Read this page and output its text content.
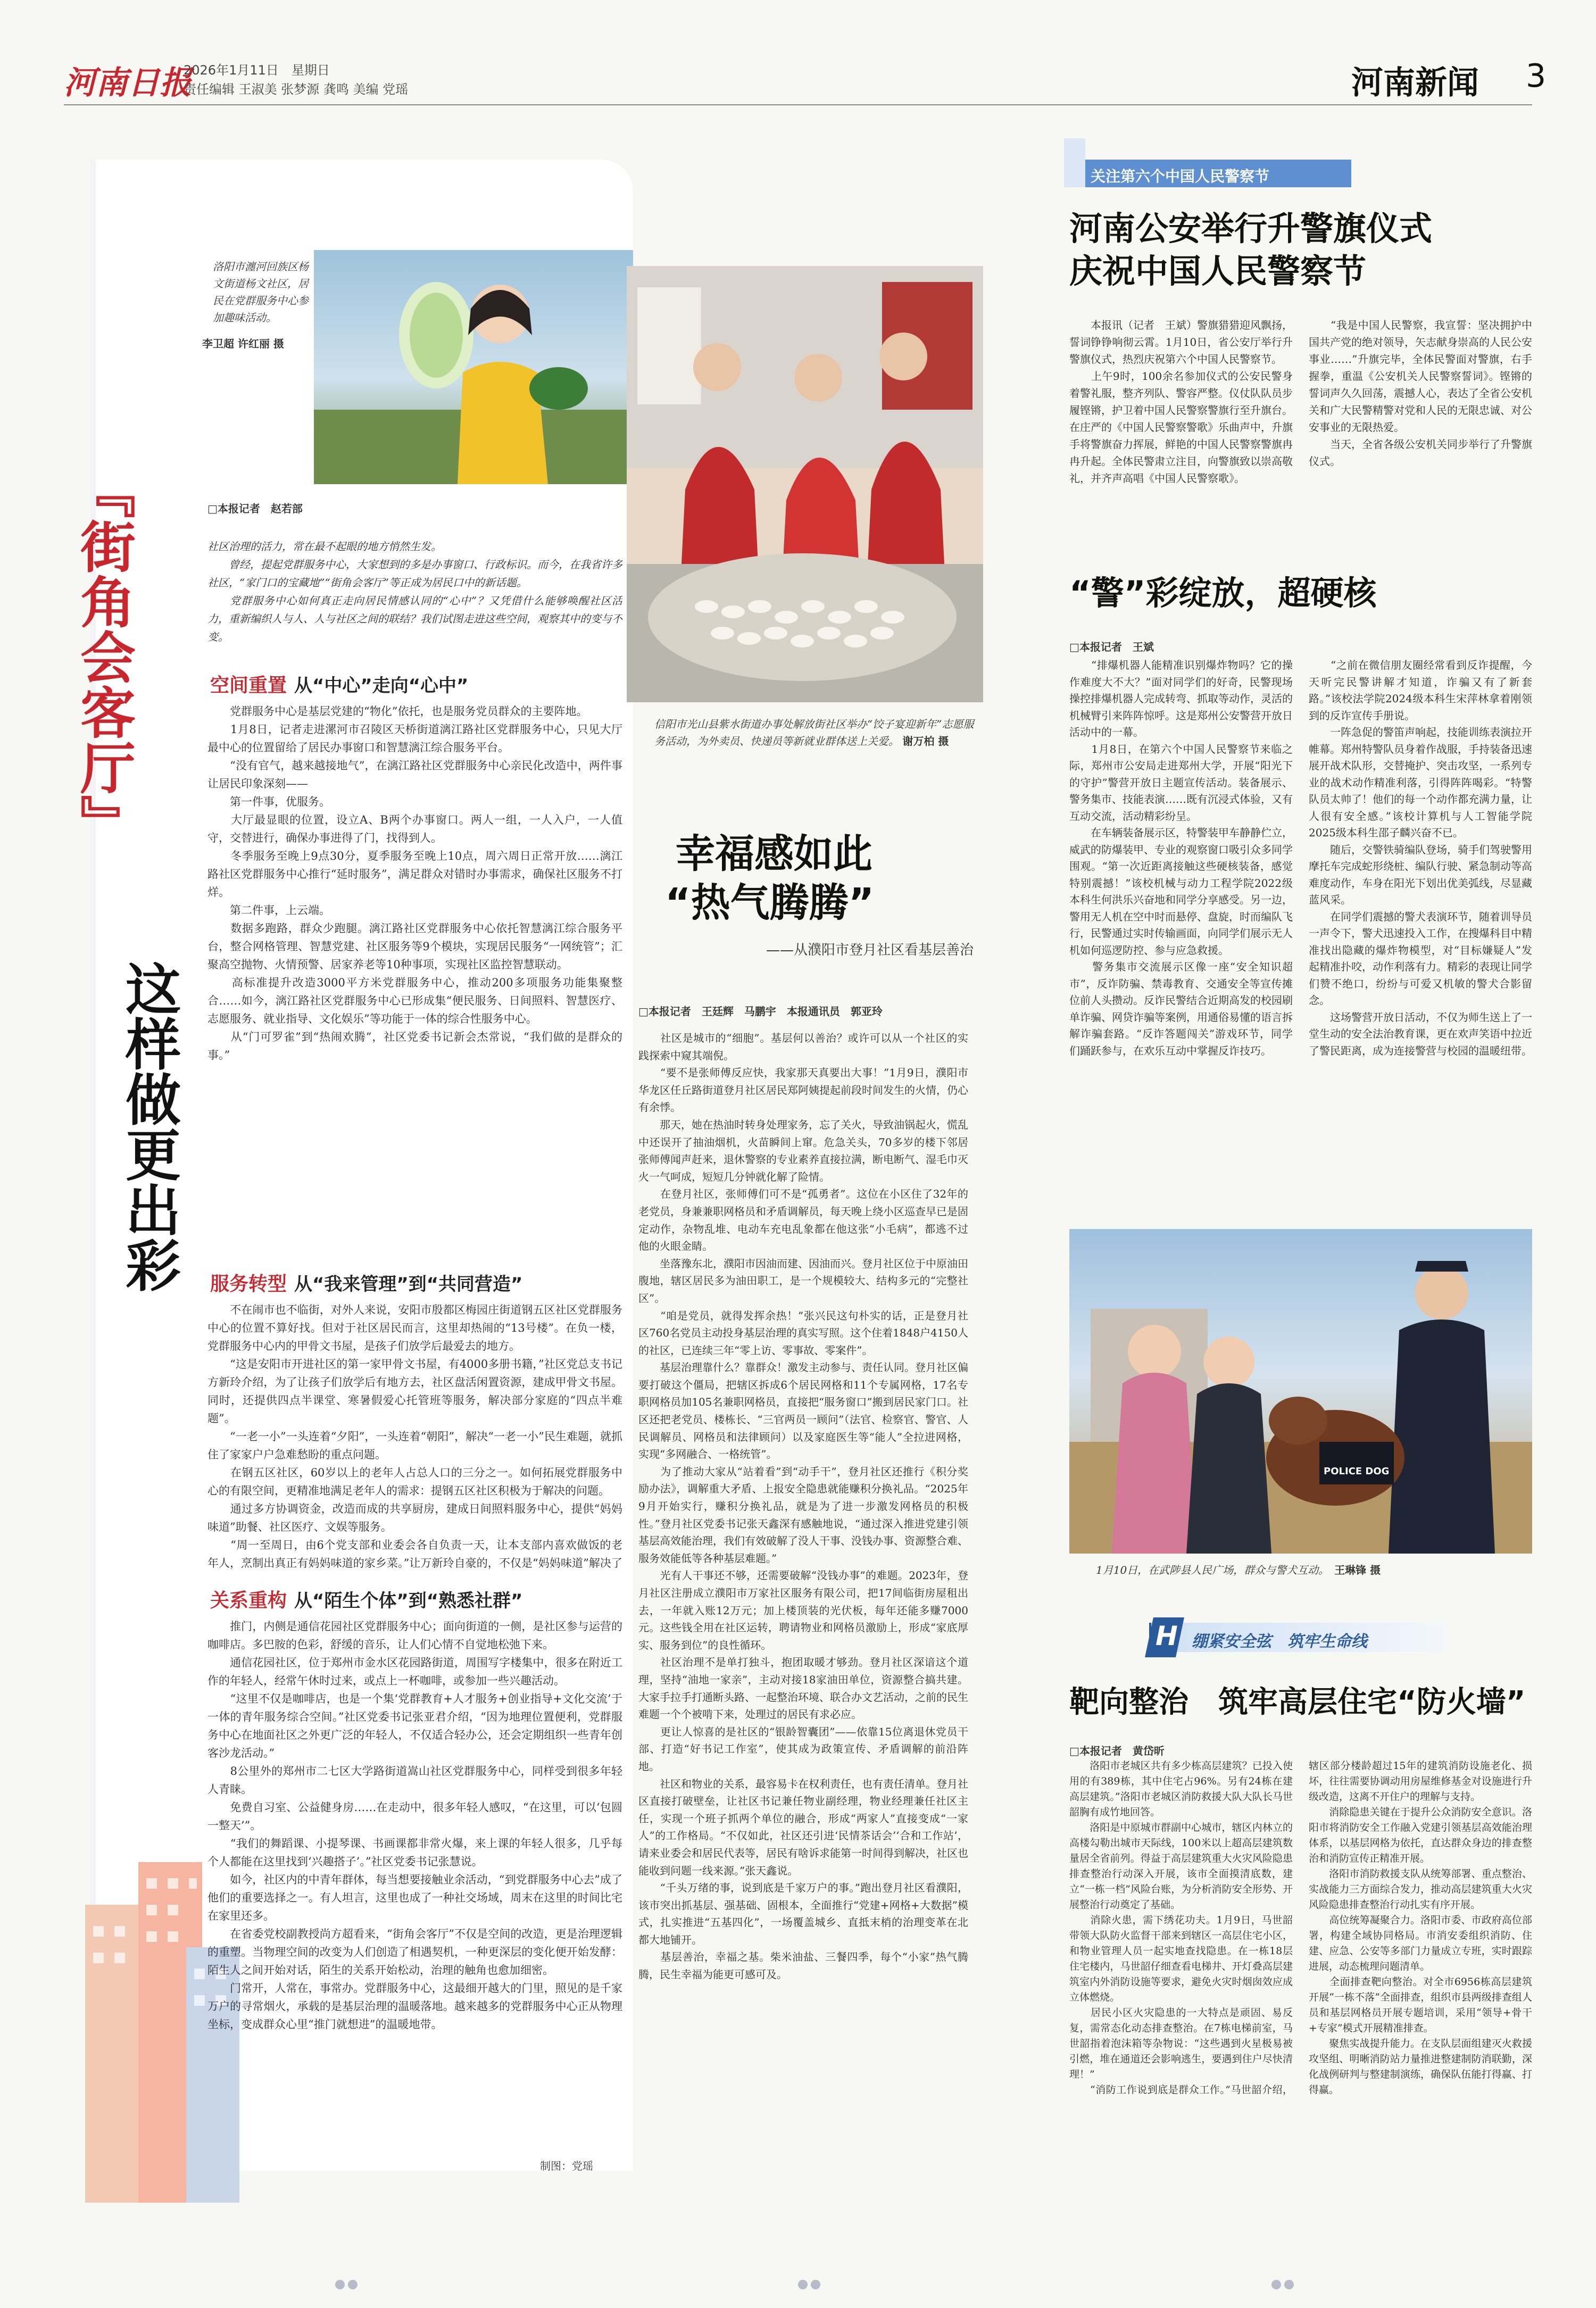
河南日报
2026年1月11日　星期日
责任编辑 王淑美 张梦源 龚鸣 美编 党瑶	河南新闻 3
洛阳市瀍河回族区杨文街道杨文社区，居民在党群服务中心参加趣味活动。
李卫超 许红丽 摄
『街角会客厅』
这样做更出彩
□本报记者　赵若部
社区治理的活力，常在最不起眼的地方悄然生发。
　　曾经，提起党群服务中心，大家想到的多是办事窗口、行政标识。而今，在我省许多社区，“家门口的宝藏地”“街角会客厅”等正成为居民口中的新话题。
　　党群服务中心如何真正走向居民情感认同的“心中”？又凭借什么能够唤醒社区活力，重新编织人与人、人与社区之间的联结？我们试图走进这些空间，观察其中的变与不变。
空间重置 从“中心”走向“心中”
　　党群服务中心是基层党建的“物化”依托，也是服务党员群众的主要阵地。
　　1月8日，记者走进漯河市召陵区天桥街道漓江路社区党群服务中心，只见大厅最中心的位置留给了居民办事窗口和智慧漓江综合服务平台。
　　“没有官气，越来越接地气”，在漓江路社区党群服务中心亲民化改造中，两件事让居民印象深刻——
　　第一件事，优服务。
　　大厅最显眼的位置，设立A、B两个办事窗口。两人一组，一人入户，一人值守，交替进行，确保办事进得了门，找得到人。
　　冬季服务至晚上9点30分，夏季服务至晚上10点，周六周日正常开放……漓江路社区党群服务中心推行“延时服务”，满足群众对错时办事需求，确保社区服务不打烊。
　　第二件事，上云端。
　　数据多跑路，群众少跑腿。漓江路社区党群服务中心依托智慧漓江综合服务平台，整合网格管理、智慧党建、社区服务等9个模块，实现居民服务“一网统管”；汇聚高空抛物、火情预警、居家养老等10种事项，实现社区监控智慧联动。
　　高标准提升改造3000平方米党群服务中心，推动200多项服务功能集聚整合……如今，漓江路社区党群服务中心已形成集“便民服务、日间照料、智慧医疗、志愿服务、就业指导、文化娱乐”等功能于一体的综合性服务中心。
　　从“门可罗雀”到“热闹欢腾”，社区党委书记新会杰常说，“我们做的是群众的事。”
服务转型 从“我来管理”到“共同营造”
　　不在闹市也不临街，对外人来说，安阳市殷都区梅园庄街道钢五区社区党群服务中心的位置不算好找。但对于社区居民而言，这里却热闹的“13号楼”。在负一楼，党群服务中心内的甲骨文书屋，是孩子们放学后最爱去的地方。
　　“这是安阳市开进社区的第一家甲骨文书屋，有4000多册书籍，”社区党总支书记方新玲介绍，为了让孩子们放学后有地方去，社区盘活闲置资源，建成甲骨文书屋。同时，还提供四点半课堂、寒暑假爱心托管班等服务，解决部分家庭的“四点半难题”。
　　“一老一小”一头连着“夕阳”，一头连着“朝阳”，解决“一老一小”民生难题，就抓住了家家户户急难愁盼的重点问题。
　　在钢五区社区，60岁以上的老年人占总人口的三分之一。如何拓展党群服务中心的有限空间，更精准地满足老年人的需求：提钢五区社区积极为于解决的问题。
　　通过多方协调资金，改造而成的共享厨房，建成日间照料服务中心，提供“妈妈味道”助餐、社区医疗、文娱等服务。
　　“周一至周日，由6个党支部和业委会各自负责一天，让本支部内喜欢做饭的老年人，烹制出真正有妈妈味道的家乡菜。”让万新玲自豪的，不仅是“妈妈味道”解决了
关系重构 从“陌生个体”到“熟悉社群”
　　推门，内侧是通信花园社区党群服务中心；面向街道的一侧，是社区参与运营的咖啡店。多巴胺的色彩，舒缓的音乐，让人们心情不自觉地松弛下来。
　　通信花园社区，位于郑州市金水区花园路街道，周围写字楼集中，很多在附近工作的年轻人，经常午休时过来，或点上一杯咖啡，或参加一些兴趣活动。
　　“这里不仅是咖啡店，也是一个集‘党群教育+人才服务+创业指导+文化交流’于一体的青年服务综合空间。”社区党委书记张亚君介绍，“因为地理位置便利，党群服务中心在地面社区之外更广泛的年轻人，不仅适合轻办公，还会定期组织一些青年创客沙龙活动。”
　　8公里外的郑州市二七区大学路街道嵩山社区党群服务中心，同样受到很多年轻人青睐。
　　免费自习室、公益健身房……在走动中，很多年轻人感叹，“在这里，可以‘包圆一整天’”。
　　“我们的舞蹈课、小提琴课、书画课都非常火爆，来上课的年轻人很多，几乎每个人都能在这里找到‘兴趣搭子’。”社区党委书记张慧说。
　　如今，社区内的中青年群体，每当想要接触业余活动，“到党群服务中心去”成了他们的重要选择之一。有人坦言，这里也成了一种社交场域，周末在这里的时间比宅在家里还多。
　　在省委党校副教授尚方超看来，“街角会客厅”不仅是空间的改造，更是治理逻辑的重塑。当物理空间的改变为人们创造了相遇契机，一种更深层的变化便开始发酵：陌生人之间开始对话，陌生的关系开始松动，治理的触角也愈加细密。
　　门常开，人常在，事常办。党群服务中心，这最细开越大的门里，照见的是千家万户的寻常烟火，承载的是基层治理的温暖落地。越来越多的党群服务中心正从物理坐标，变成群众心里“推门就想进”的温暖地带。
制图：党瑶
信阳市光山县紫水街道办事处解放街社区举办“饺子宴迎新年”志愿服务活动，为外卖员、快递员等新就业群体送上关爱。 谢万柏 摄
幸福感如此
“热气腾腾”
——从濮阳市登月社区看基层善治
□本报记者　王廷辉　马鹏宇　本报通讯员　郭亚玲
　　社区是城市的“细胞”。基层何以善治？或许可以从一个社区的实践探索中窥其端倪。
　　“要不是张师傅反应快，我家那天真要出大事！”1月9日，濮阳市华龙区任丘路街道登月社区居民郑阿姨提起前段时间发生的火情，仍心有余悸。
　　那天，她在热油时转身处理家务，忘了关火，导致油锅起火，慌乱中还误开了抽油烟机，火苗瞬间上窜。危急关头，70多岁的楼下邻居张师傅闻声赶来，退休警察的专业素养直接拉满，断电断气、湿毛巾灭火一气呵成，短短几分钟就化解了险情。
　　在登月社区，张师傅们可不是“孤勇者”。这位在小区住了32年的老党员，身兼兼职网格员和矛盾调解员，每天晚上绕小区巡查早已是固定动作，杂物乱堆、电动车充电乱象都在他这张“小毛病”，都逃不过他的火眼金睛。
　　坐落豫东北，濮阳市因油而建、因油而兴。登月社区位于中原油田腹地，辖区居民多为油田职工，是一个规模较大、结构多元的“完整社区”。
　　“咱是党员，就得发挥余热！”张兴民这句朴实的话，正是登月社区760名党员主动投身基层治理的真实写照。这个住着1848户4150人的社区，已连续三年“零上访、零事故、零案件”。
　　基层治理靠什么？靠群众！激发主动参与、责任认同。登月社区偏要打破这个僵局，把辖区拆成6个居民网格和11个专属网格，17名专职网格员加105名兼职网格员，直接把“服务窗口”搬到居民家门口。社区还把老党员、楼栋长、“三官两员一顾问”（法官、检察官、警官、人民调解员、网格员和法律顾问）以及家庭医生等“能人”全拉进网格，实现“多网融合、一格统管”。
　　为了推动大家从“站着看”到“动手干”，登月社区还推行《积分奖励办法》，调解重大矛盾、上报安全隐患就能赚积分换礼品。“2025年9月开始实行，赚积分换礼品，就是为了进一步激发网格员的积极性。”登月社区党委书记张天鑫深有感触地说，“通过深入推进党建引领基层高效能治理，我们有效破解了没人干事、没钱办事、资源整合难、服务效能低等各种基层难题。”
　　光有人干事还不够，还需要破解“没钱办事”的难题。2023年，登月社区注册成立濮阳市万家社区服务有限公司，把17间临街房屋租出去，一年就入账12万元；加上楼顶装的光伏板，每年还能多赚7000元。这些钱全用在社区运转，聘请物业和网格员激励上，形成“家底厚实、服务到位”的良性循环。
　　社区治理不是单打独斗，抱团取暖才够劲。登月社区深谙这个道理，坚持“油地一家亲”，主动对接18家油田单位，资源整合搞共建。大家手拉手打通断头路、一起整治环境、联合办文艺活动，之前的民生难题一个个被啃下来，处理过的居民有求必应。
　　更让人惊喜的是社区的“银龄智囊团”——依靠15位离退休党员干部、打造“好书记工作室”，使其成为政策宣传、矛盾调解的前沿阵地。
　　社区和物业的关系，最容易卡在权利责任，也有责任清单。登月社区直接打破壁垒，让社区书记兼任物业副经理，物业经理兼任社区主任，实现一个班子抓两个单位的融合，形成“两家人”直接变成“一家人”的工作格局。“不仅如此，社区还引进‘民情茶话会’‘合和工作站’，请来业委会和居民代表等，居民有啥诉求能第一时间得到解决，社区也能收到问题一线来源。”张天鑫说。
　　“千头万绪的事，说到底是千家万户的事。”跑出登月社区看濮阳，该市突出抓基层、强基础、固根本，全面推行“党建+网格+大数据”模式，扎实推进“五基四化”，一场覆盖城乡、直抵末梢的治理变革在北都大地铺开。
　　基层善治，幸福之基。柴米油盐、三餐四季，每个“小家”热气腾腾，民生幸福为能更可感可及。
关注第六个中国人民警察节
河南公安举行升警旗仪式
庆祝中国人民警察节
　　本报讯（记者　王斌）警旗猎猎迎风飘扬，誓词铮铮响彻云霄。1月10日，省公安厅举行升警旗仪式，热烈庆祝第六个中国人民警察节。
　　上午9时，100余名参加仪式的公安民警身着警礼服，整齐列队、警容严整。仪仗队队员步履铿锵，护卫着中国人民警察警旗行至升旗台。在庄严的《中国人民警察警歌》乐曲声中，升旗手将警旗奋力挥展，鲜艳的中国人民警察警旗冉冉升起。全体民警肃立注目，向警旗致以崇高敬礼，并齐声高唱《中国人民警察歌》。
　　“我是中国人民警察，我宣誓：坚决拥护中国共产党的绝对领导，矢志献身崇高的人民公安事业……”升旗完毕，全体民警面对警旗，右手握拳，重温《公安机关人民警察誓词》。铿锵的誓词声久久回荡，震撼人心，表达了全省公安机关和广大民警精警对党和人民的无限忠诚、对公安事业的无限热爱。
　　当天，全省各级公安机关同步举行了升警旗仪式。
“警”彩绽放，超硬核
□本报记者　王斌
　　“排爆机器人能精准识别爆炸物吗？它的操作难度大不大？”面对同学们的好奇，民警现场操控排爆机器人完成转弯、抓取等动作，灵活的机械臂引来阵阵惊呼。这是郑州公安警营开放日活动中的一幕。
　　1月8日，在第六个中国人民警察节来临之际，郑州市公安局走进郑州大学，开展“阳光下的守护”警营开放日主题宣传活动。装备展示、警务集市、技能表演……既有沉浸式体验，又有互动交流，活动精彩纷呈。
　　在车辆装备展示区，特警装甲车静静伫立，威武的防爆装甲、专业的观察窗口吸引众多同学围观。“第一次近距离接触这些硬核装备，感觉特别震撼！”该校机械与动力工程学院2022级本科生何洪乐兴奋地和同学分享感受。另一边，警用无人机在空中时而悬停、盘旋，时而编队飞行，民警通过实时传输画面，向同学们展示无人机如何巡逻防控、参与应急救援。
　　警务集市交流展示区像一座“安全知识超市”，反诈防骗、禁毒教育、交通安全等宣传摊位前人头攒动。反诈民警结合近期高发的校园刷单诈骗、网贷诈骗等案例，用通俗易懂的语言拆解诈骗套路。“反诈答题闯关”游戏环节，同学们踊跃参与，在欢乐互动中掌握反诈技巧。
　　“之前在微信朋友圈经常看到反诈提醒，今天听完民警讲解才知道，诈骗又有了新套路。”该校法学院2024级本科生宋萍林拿着刚领到的反诈宣传手册说。
　　一阵急促的警笛声响起，技能训练表演拉开帷幕。郑州特警队员身着作战服，手持装备迅速展开战术队形，交替掩护、突击攻坚，一系列专业的战术动作精准利落，引得阵阵喝彩。“特警队员太帅了！他们的每一个动作都充满力量，让人很有安全感。”该校计算机与人工智能学院2025级本科生邵子麟兴奋不已。
　　随后，交警铁骑编队登场，骑手们驾驶警用摩托车完成蛇形绕桩、编队行驶、紧急制动等高难度动作，车身在阳光下划出优美弧线，尽显藏蓝风采。
　　在同学们震撼的警犬表演环节，随着训导员一声令下，警犬迅速投入工作，在搜爆科目中精准找出隐藏的爆炸物模型，对“目标嫌疑人”发起精准扑咬，动作利落有力。精彩的表现让同学们赞不绝口，纷纷与可爱又机敏的警犬合影留念。
　　这场警营开放日活动，不仅为师生送上了一堂生动的安全法治教育课，更在欢声笑语中拉近了警民距离，成为连接警营与校园的温暖纽带。
POLICE DOG
1月10日，在武陟县人民广场，群众与警犬互动。　 王琳锋 摄
H 绷紧安全弦　筑牢生命线
靶向整治　筑牢高层住宅“防火墙”
□本报记者　黄岱昕
　　洛阳市老城区共有多少栋高层建筑？已投入使用的有389栋，其中住宅占96%。另有24栋在建高层建筑。”洛阳市老城区消防救援大队大队长马世韶胸有成竹地回答。
　　洛阳是中原城市群副中心城市，辖区内林立的高楼勾勒出城市天际线，100米以上超高层建筑数量居全省前列。得益于高层建筑重大火灾风险隐患排查整治行动深入开展，该市全面摸清底数，建立“一栋一档”风险台账，为分析消防安全形势、开展整治行动奠定了基础。
　　消除火患，需下绣花功夫。1月9日，马世韶带领大队防火监督干部来到辖区一高层住宅小区，和物业管理人员一起实地查找隐患。在一栋18层住宅楼内，马世韶仔细查看电梯井、开灯叠高层建筑室内外消防设施等要求，避免火灾时烟囱效应成立体燃烧。
　　居民小区火灾隐患的一大特点是顽固、易反复，需常态化动态排查整治。在7栋电梯前室，马世韶指着泡沫箱等杂物说：“这些遇到火星极易被引燃，堆在通道还会影响逃生，要遇到住户尽快清理！”
　　“消防工作说到底是群众工作。”马世韶介绍，辖区部分楼龄超过15年的建筑消防设施老化、损坏，往往需要协调动用房屋维修基金对设施进行升级改造，这离不开住户的理解与支持。
　　消除隐患关键在于提升公众消防安全意识。洛阳市将消防安全工作融入党建引领基层高效能治理体系，以基层网格为依托，直达群众身边的排查整治和消防宣传正精准开展。
　　洛阳市消防救援支队从统筹部署、重点整治、实战能力三方面综合发力，推动高层建筑重大火灾风险隐患排查整治行动扎实有序开展。
　　高位统筹凝聚合力。洛阳市委、市政府高位部署，构建全域协同格局。市消安委组织消防、住建、应急、公安等多部门力量成立专班，实时跟踪进展，动态梳理问题清单。
　　全面排查靶向整治。对全市6956栋高层建筑开展“一栋不落”全面排查，组织市县两级排查组人员和基层网格员开展专题培训，采用“领导+骨干+专家”模式开展精准排查。
　　聚焦实战提升能力。在支队层面组建灭火救援攻坚组、明晰消防站力量推进整建制防消联勤，深化战例研判与整建制演练，确保队伍能打得赢、打得赢。
